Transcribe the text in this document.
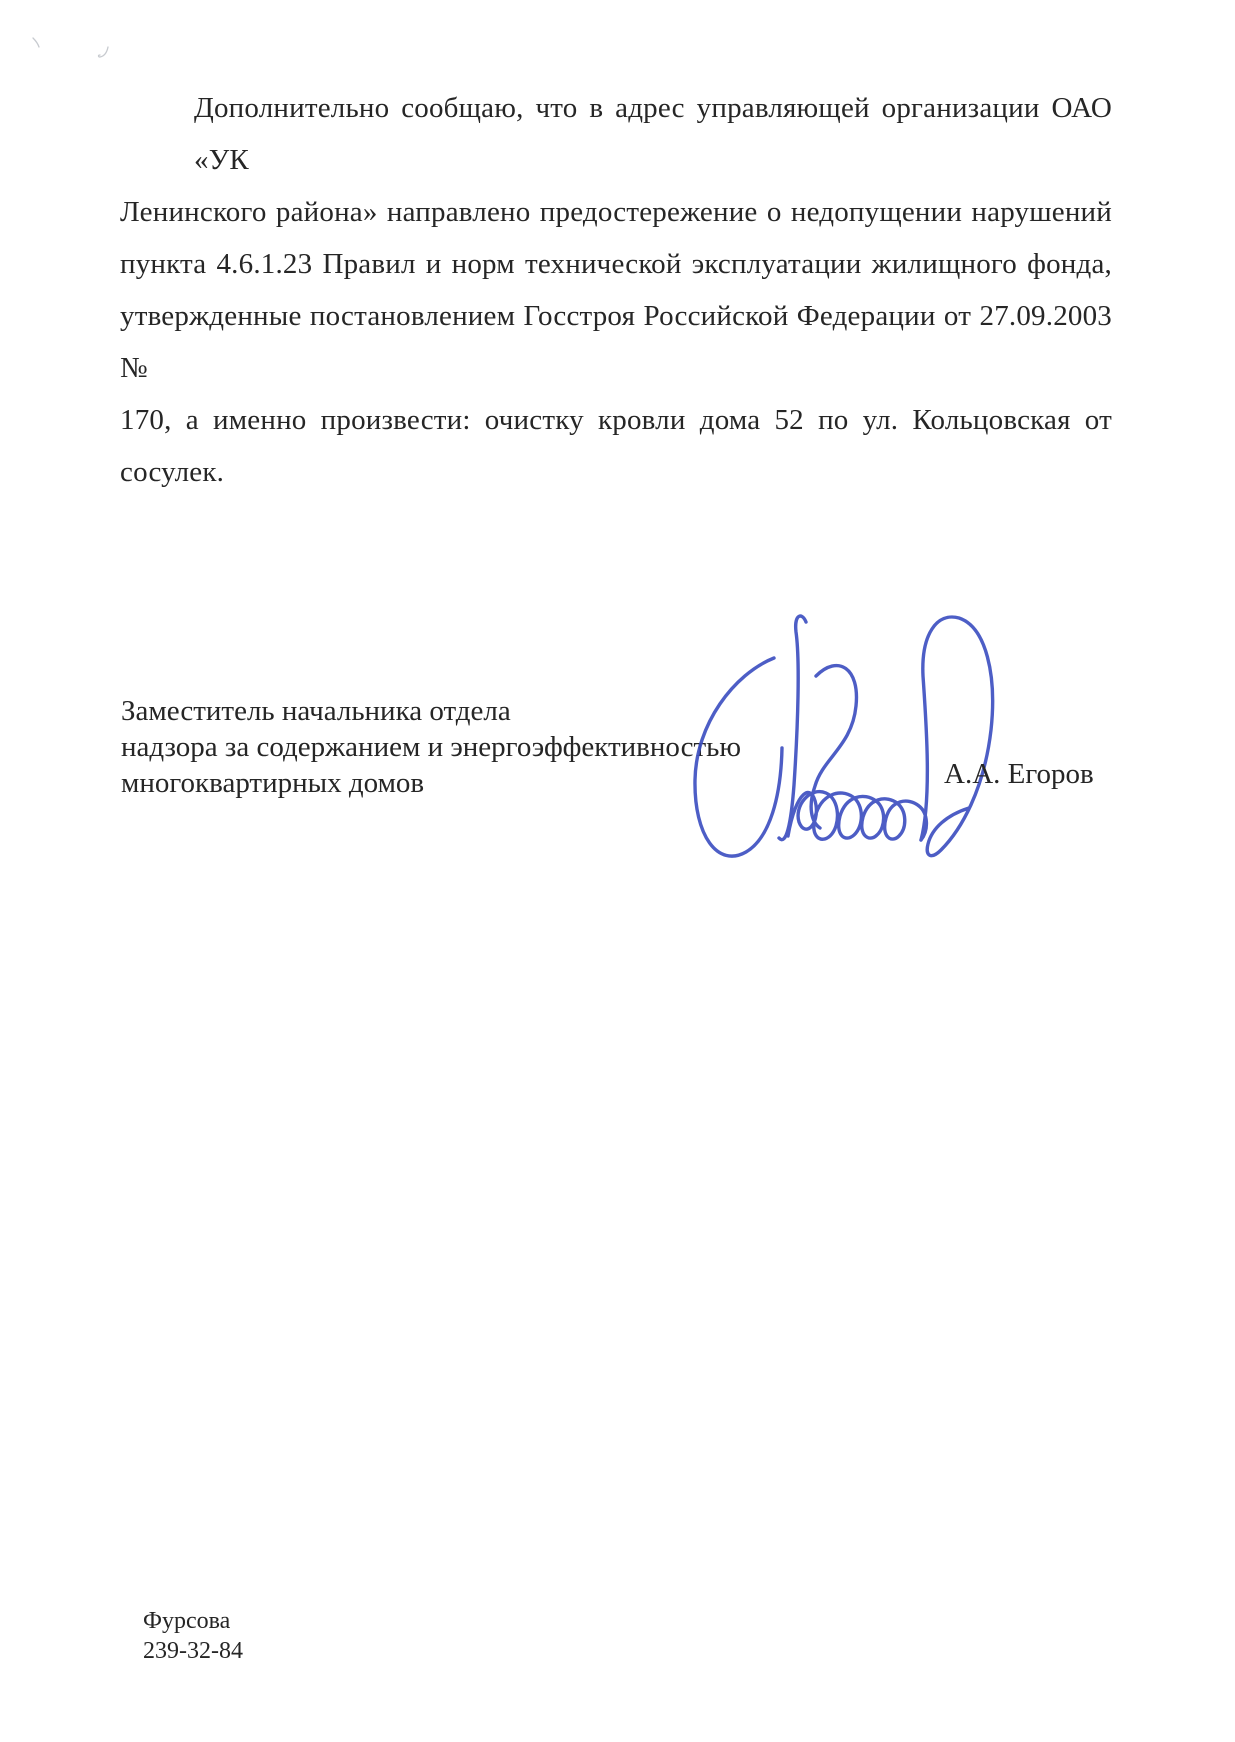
Дополнительно сообщаю, что в адрес управляющей организации ОАО «УК
Ленинского района» направлено предостережение о недопущении нарушений
пункта 4.6.1.23 Правил и норм технической эксплуатации жилищного фонда,
утвержденные постановлением Госстроя Российской Федерации от 27.09.2003 №
170, а именно произвести: очистку кровли дома 52 по ул. Кольцовская от
сосулек.
Заместитель начальника отдела
надзора за содержанием и энергоэффективностью
многоквартирных домов	А.А. Егоров
Фурсова
239-32-84
